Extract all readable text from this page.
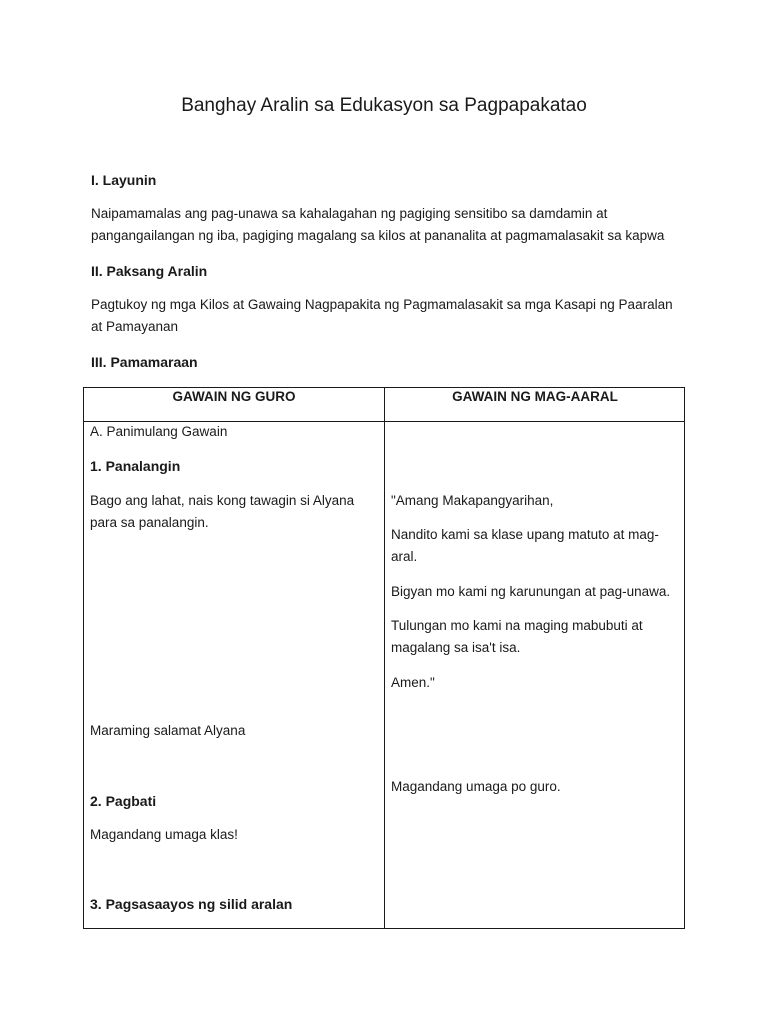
Banghay Aralin sa Edukasyon sa Pagpapakatao
I. Layunin

Naipamamalas ang pag-unawa sa kahalagahan ng pagiging sensitibo sa damdamin at

pangangailangan ng iba, pagiging magalang sa kilos at pananalita at pagmamalasakit sa kapwa

II. Paksang Aralin

Pagtukoy ng mga Kilos at Gawaing Nagpapakita ng Pagmamalasakit sa mga Kasapi ng Paaralan

at Pamayanan

III. Pamamaraan
GAWAIN NG GURO	GAWAIN NG MAG-AARAL
A. Panimulang Gawain
1. Panalangin
Bago ang lahat, nais kong tawagin si Alyana
para sa panalangin.
Maraming salamat Alyana
2. Pagbati
Magandang umaga klas!
3. Pagsasaayos ng silid aralan
"Amang Makapangyarihan,
Nandito kami sa klase upang matuto at mag-
aral.
Bigyan mo kami ng karunungan at pag-unawa.
Tulungan mo kami na maging mabubuti at
magalang sa isa't isa.
Amen."
Magandang umaga po guro.
